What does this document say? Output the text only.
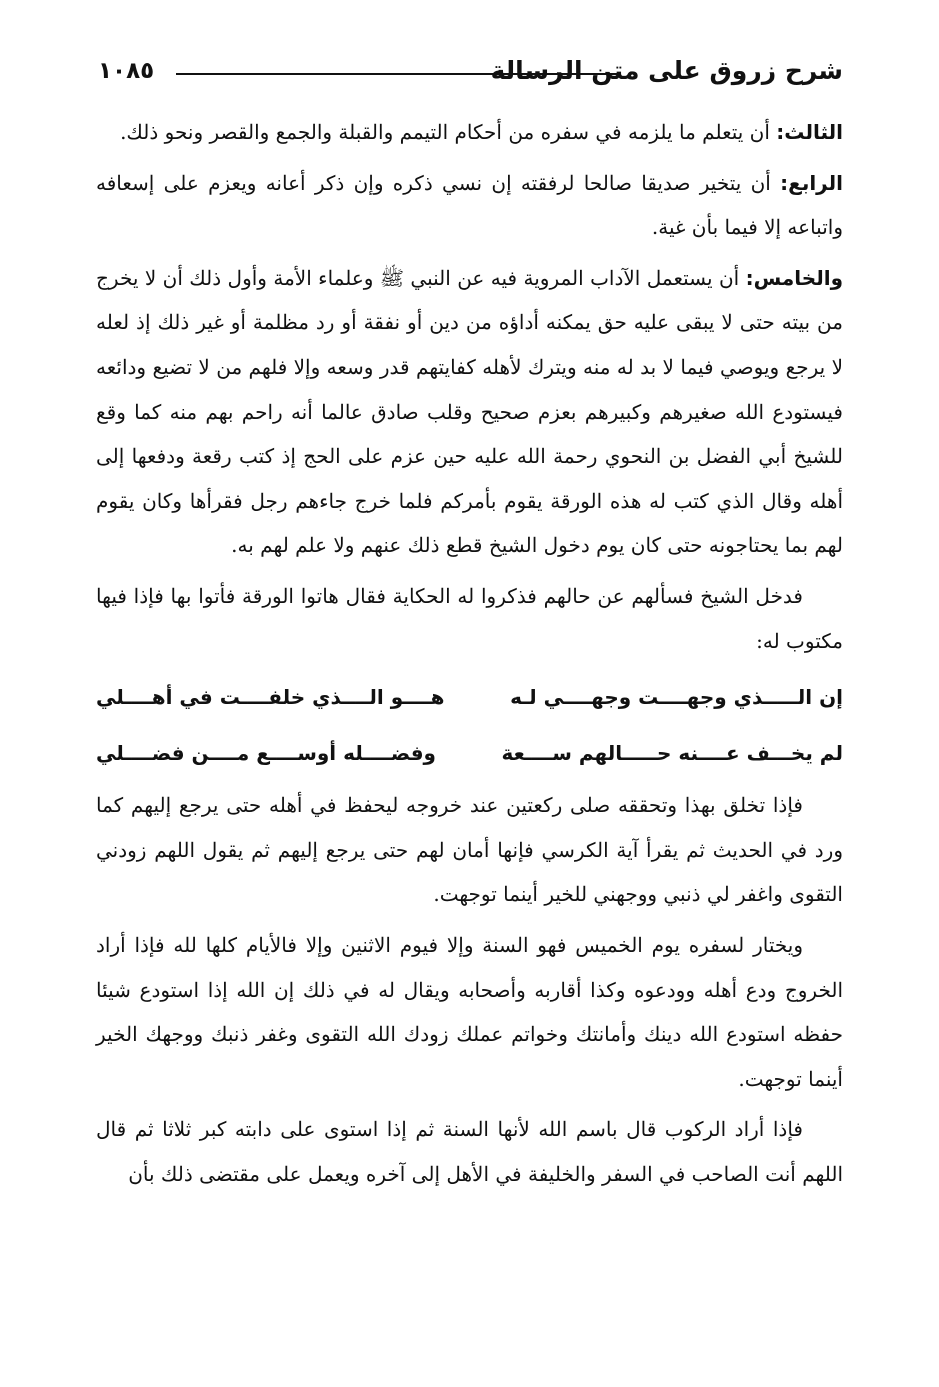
شرح زروق على متن الرسالة
١٠٨٥

الثالث: أن يتعلم ما يلزمه في سفره من أحكام التيمم والقبلة والجمع والقصر ونحو ذلك.

الرابع: أن يتخير صديقا صالحا لرفقته إن نسي ذكره وإن ذكر أعانه ويعزم على إسعافه واتباعه إلا فيما بأن غية.

والخامس: أن يستعمل الآداب المروية فيه عن النبي ﷺ وعلماء الأمة وأول ذلك أن لا يخرج من بيته حتى لا يبقى عليه حق يمكنه أداؤه من دين أو نفقة أو رد مظلمة أو غير ذلك إذ لعله لا يرجع ويوصي فيما لا بد له منه ويترك لأهله كفايتهم قدر وسعه وإلا فلهم من لا تضيع ودائعه فيستودع الله صغيرهم وكبيرهم بعزم صحيح وقلب صادق عالما أنه راحم بهم منه كما وقع للشيخ أبي الفضل بن النحوي رحمة الله عليه حين عزم على الحج إذ كتب رقعة ودفعها إلى أهله وقال الذي كتب له هذه الورقة يقوم بأمركم فلما خرج جاءهم رجل فقرأها وكان يقوم لهم بما يحتاجونه حتى كان يوم دخول الشيخ قطع ذلك عنهم ولا علم لهم به.

فدخل الشيخ فسألهم عن حالهم فذكروا له الحكاية فقال هاتوا الورقة فأتوا بها فإذا فيها مكتوب له:

إن الـــــذي وجهــــت وجهــــي لـه
هــــو الــــذي خلفــــت في أهــــلي
لم يخـــف عــــنه حـــــالهم ســــعة
وفضــــله أوســــع مــــن فضــــلي

فإذا تخلق بهذا وتحققه صلى ركعتين عند خروجه ليحفظ في أهله حتى يرجع إليهم كما ورد في الحديث ثم يقرأ آية الكرسي فإنها أمان لهم حتى يرجع إليهم ثم يقول اللهم زودني التقوى واغفر لي ذنبي ووجهني للخير أينما توجهت.

ويختار لسفره يوم الخميس فهو السنة وإلا فيوم الاثنين وإلا فالأيام كلها لله فإذا أراد الخروج ودع أهله وودعوه وكذا أقاربه وأصحابه ويقال له في ذلك إن الله إذا استودع شيئا حفظه استودع الله دينك وأمانتك وخواتم عملك زودك الله التقوى وغفر ذنبك ووجهك الخير أينما توجهت.

فإذا أراد الركوب قال باسم الله لأنها السنة ثم إذا استوى على دابته كبر ثلاثا ثم قال اللهم أنت الصاحب في السفر والخليفة في الأهل إلى آخره ويعمل على مقتضى ذلك بأن
